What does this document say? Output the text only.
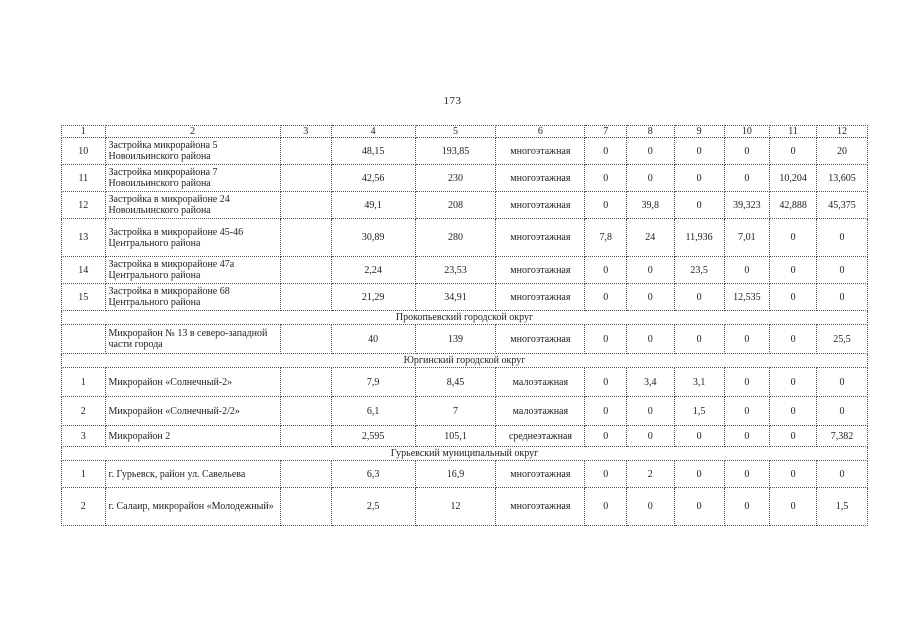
173
1	2	3	4	5	6	7	8	9	10	11	12
10	Застройка микрорайона 5 Новоильинского района		48,15	193,85	многоэтажная	0	0	0	0	0	20
11	Застройка микрорайона 7 Новоильинского района		42,56	230	многоэтажная	0	0	0	0	10,204	13,605
12	Застройка в микрорайоне 24 Новоильинского района		49,1	208	многоэтажная	0	39,8	0	39,323	42,888	45,375
13	Застройка в микрорайоне 45-46 Центрального района		30,89	280	многоэтажная	7,8	24	11,936	7,01	0	0
14	Застройка в микрорайоне 47а Центрального района		2,24	23,53	многоэтажная	0	0	23,5	0	0	0
15	Застройка в микрорайоне 68 Центрального района		21,29	34,91	многоэтажная	0	0	0	12,535	0	0
Прокопьевский городской округ											
	Микрорайон № 13 в северо-западной части города		40	139	многоэтажная	0	0	0	0	0	25,5
Юргинский городской округ											
1	Микрорайон «Солнечный-2»		7,9	8,45	малоэтажная	0	3,4	3,1	0	0	0
2	Микрорайон «Солнечный-2/2»		6,1	7	малоэтажная	0	0	1,5	0	0	0
3	Микрорайон 2		2,595	105,1	среднеэтажная	0	0	0	0	0	7,382
Гурьевский муниципальный округ											
1	г. Гурьевск, район ул. Савельева		6,3	16,9	многоэтажная	0	2	0	0	0	0
2	г. Салаир, микрорайон «Молодежный»		2,5	12	многоэтажная	0	0	0	0	0	1,5
